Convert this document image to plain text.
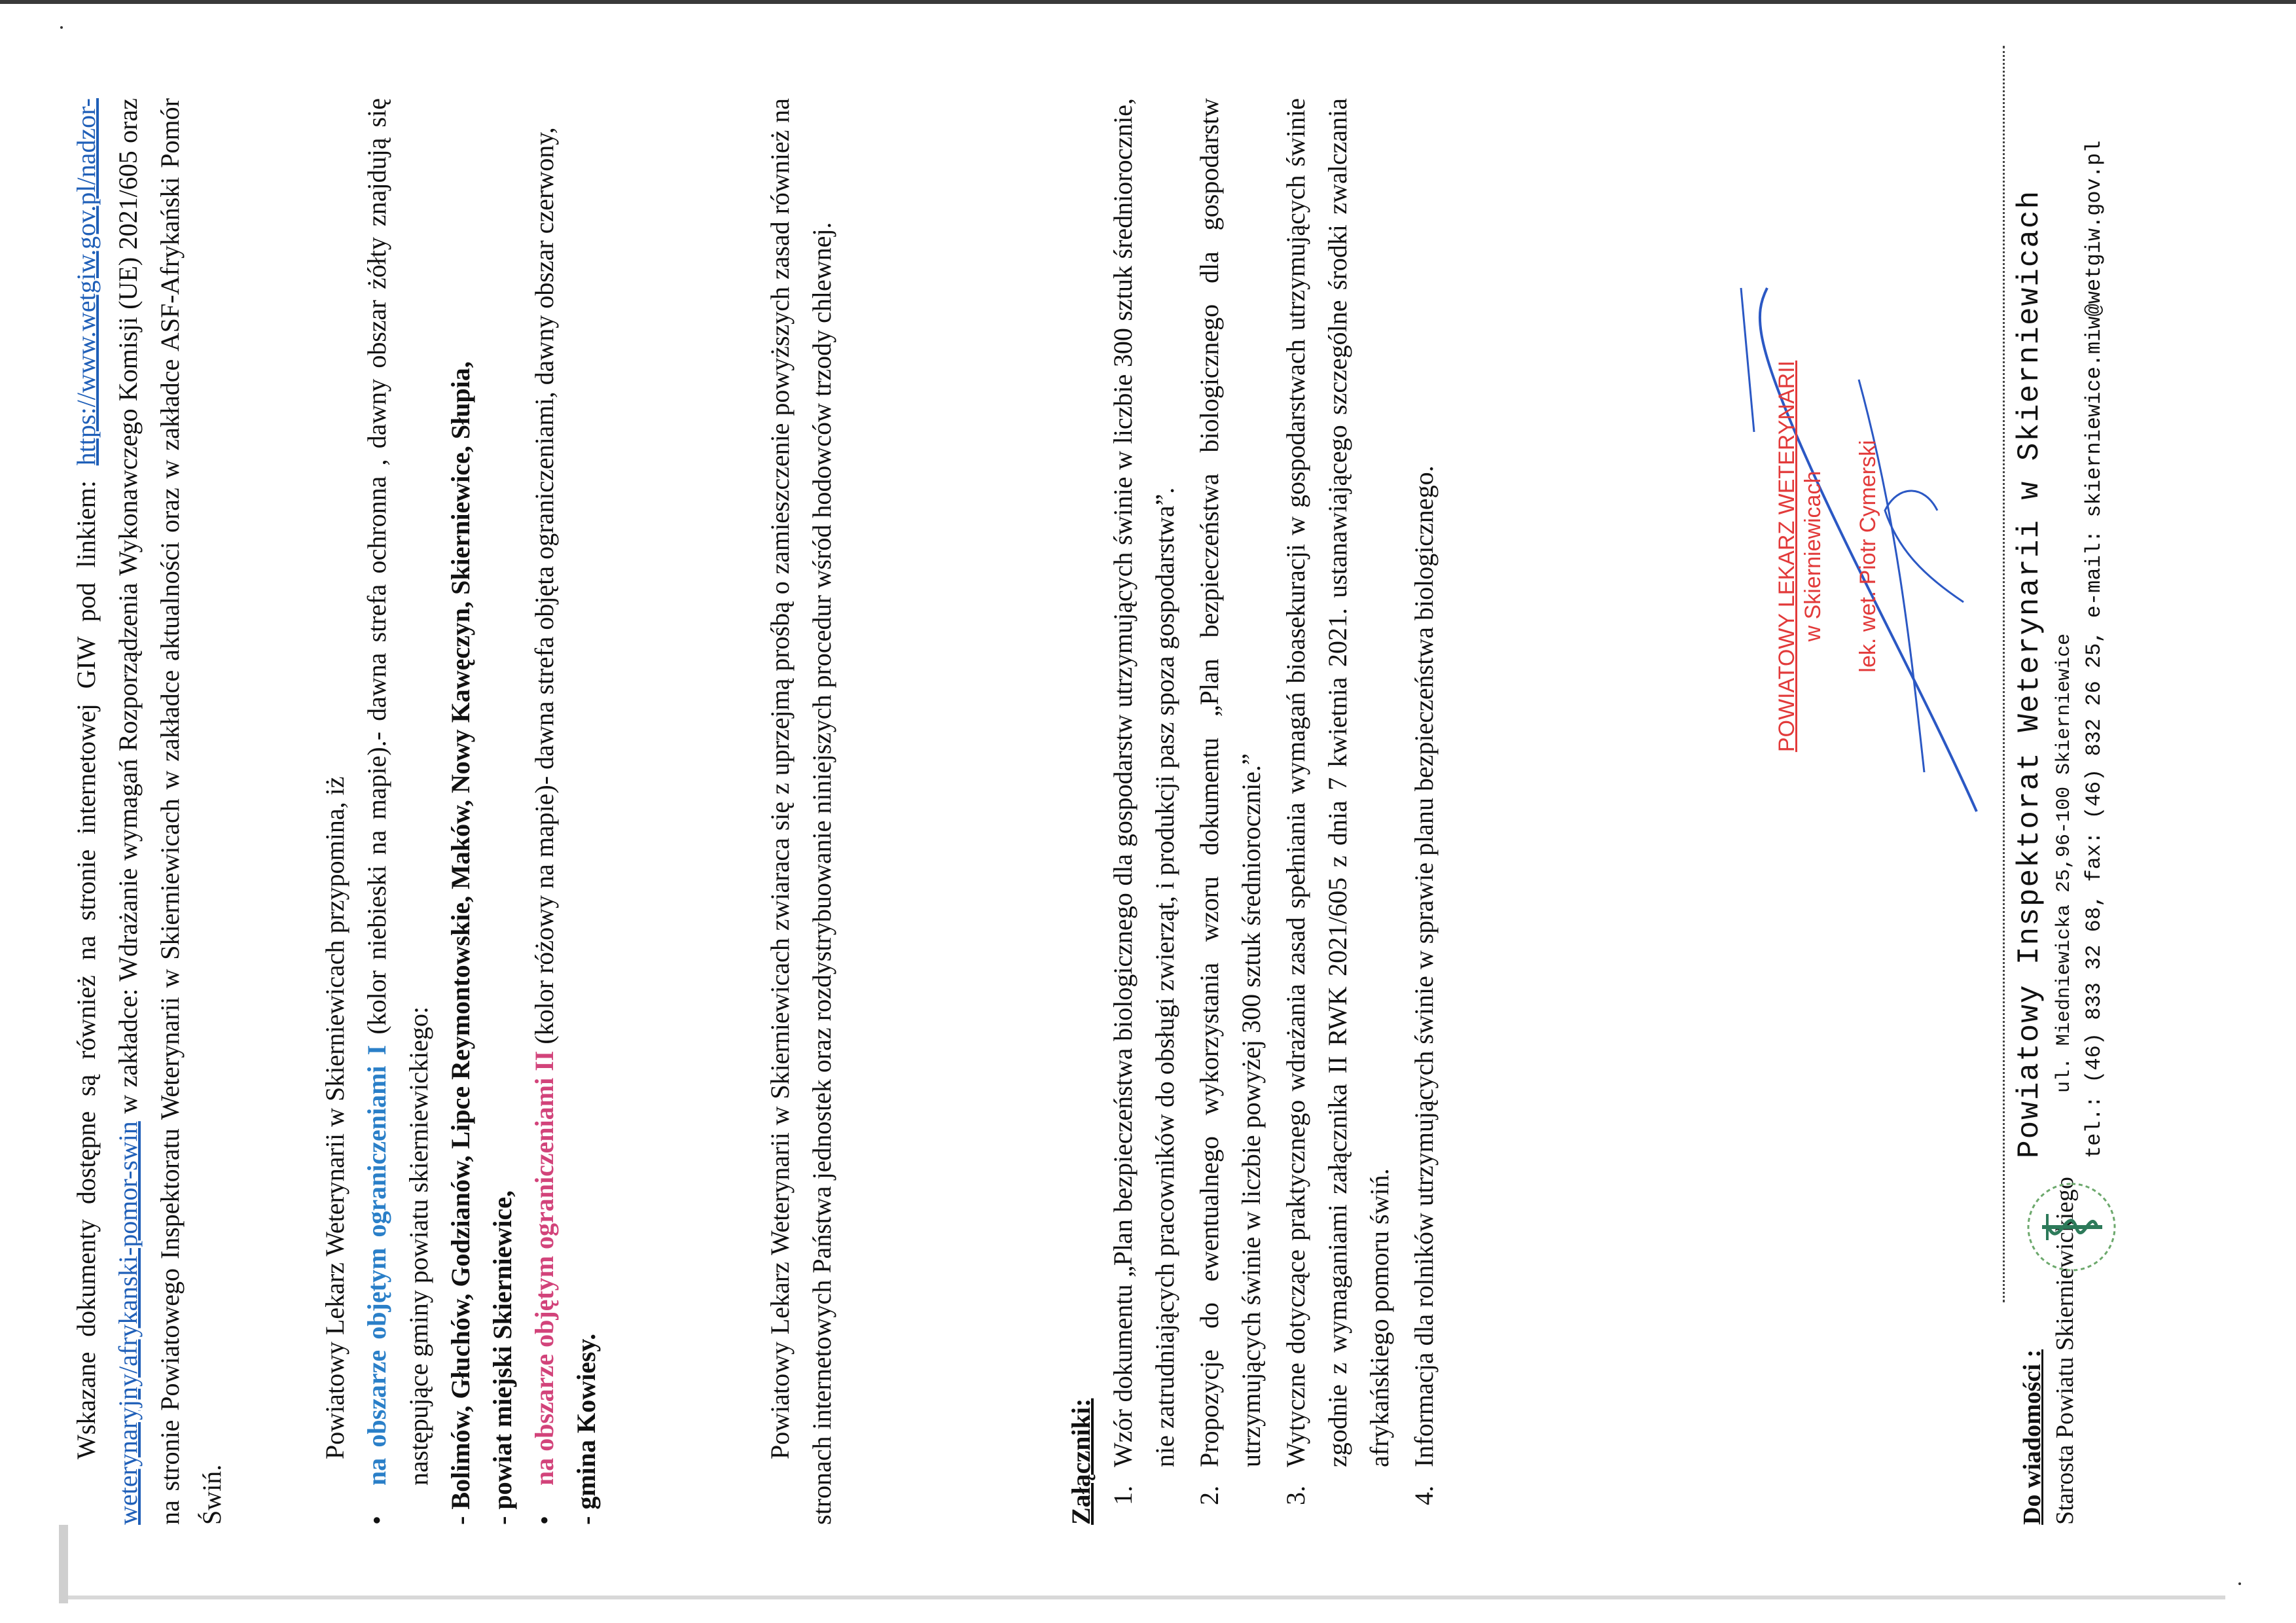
Wskazane dokumenty dostępne są również na stronie internetowej GIW pod linkiem: https://www.wetgiw.gov.pl/nadzor-weterynaryjny/afrykanski-pomor-swin w zakładce: Wdrażanie wymagań Rozporządzenia Wykonawczego Komisji (UE) 2021/605 oraz na stronie Powiatowego Inspektoratu Weterynarii w Skierniewicach w zakładce aktualności oraz w zakładce ASF-Afrykański Pomór Świń.

Powiatowy Lekarz Weterynarii w Skierniewicach przypomina, iż • na obszarze objętym ograniczeniami I (kolor niebieski na mapie).- dawna strefa ochronna , dawny obszar żółty znajdują się następujące gminy powiatu skierniewickiego: - Bolimów, Głuchów, Godzianów, Lipce Reymontowskie, Maków, Nowy Kawęczyn, Skierniewice, Słupia, - powiat miejski Skierniewice, • na obszarze objętym ograniczeniami II (kolor różowy na mapie)- dawna strefa objęta ograniczeniami, dawny obszar czerwony,

- gmina Kowiesy.	Powiatowy Lekarz Weterynarii w Skierniewicach zwiaraca się z uprzejmą prośbą o zamieszczenie powyższych zasad również na stronach internetowych Państwa jednostek oraz rozdystrybuowanie niniejszych procedur wśród hodowców trzody chlewnej.	Załączniki: 1. Wzór dokumentu „Plan bezpieczeństwa biologicznego dla gospodarstw utrzymujących świnie w liczbie 300 sztuk średniorocznie, nie zatrudniających pracowników do obsługi zwierząt, i produkcji pasz spoza gospodarstwa”. 2. Propozycje do ewentualnego wykorzystania wzoru dokumentu „Plan bezpieczeństwa biologicznego dla gospodarstw utrzymujących świnie w liczbie powyżej 300 sztuk średniorocznie.” 3. Wytyczne dotyczące praktycznego wdrażania zasad spełniania wymagań bioasekuracji w gospodarstwach utrzymujących świnie zgodnie z wymaganiami załącznika II RWK 2021/605 z dnia 7 kwietnia 2021. ustanawiającego szczególne środki zwalczania afrykańskiego pomoru świń. 4. Informacja dla rolników utrzymujących świnie w sprawie planu bezpieczeństwa biologicznego.	POWIATOWY LEKARZ WETERYNARII w Skierniewicach lek. wet. Piotr Cymerski
Do wiadomości : Starosta Powiatu Skierniewickiego
Powiatowy Inspektorat Weterynarii w Skierniewicach ul. Miedniewicka 25,96-100 Skierniewice tel.: (46) 833 32 68, fax: (46) 832 26 25, e-mail: skierniewice.miw@wetgiw.gov.pl
